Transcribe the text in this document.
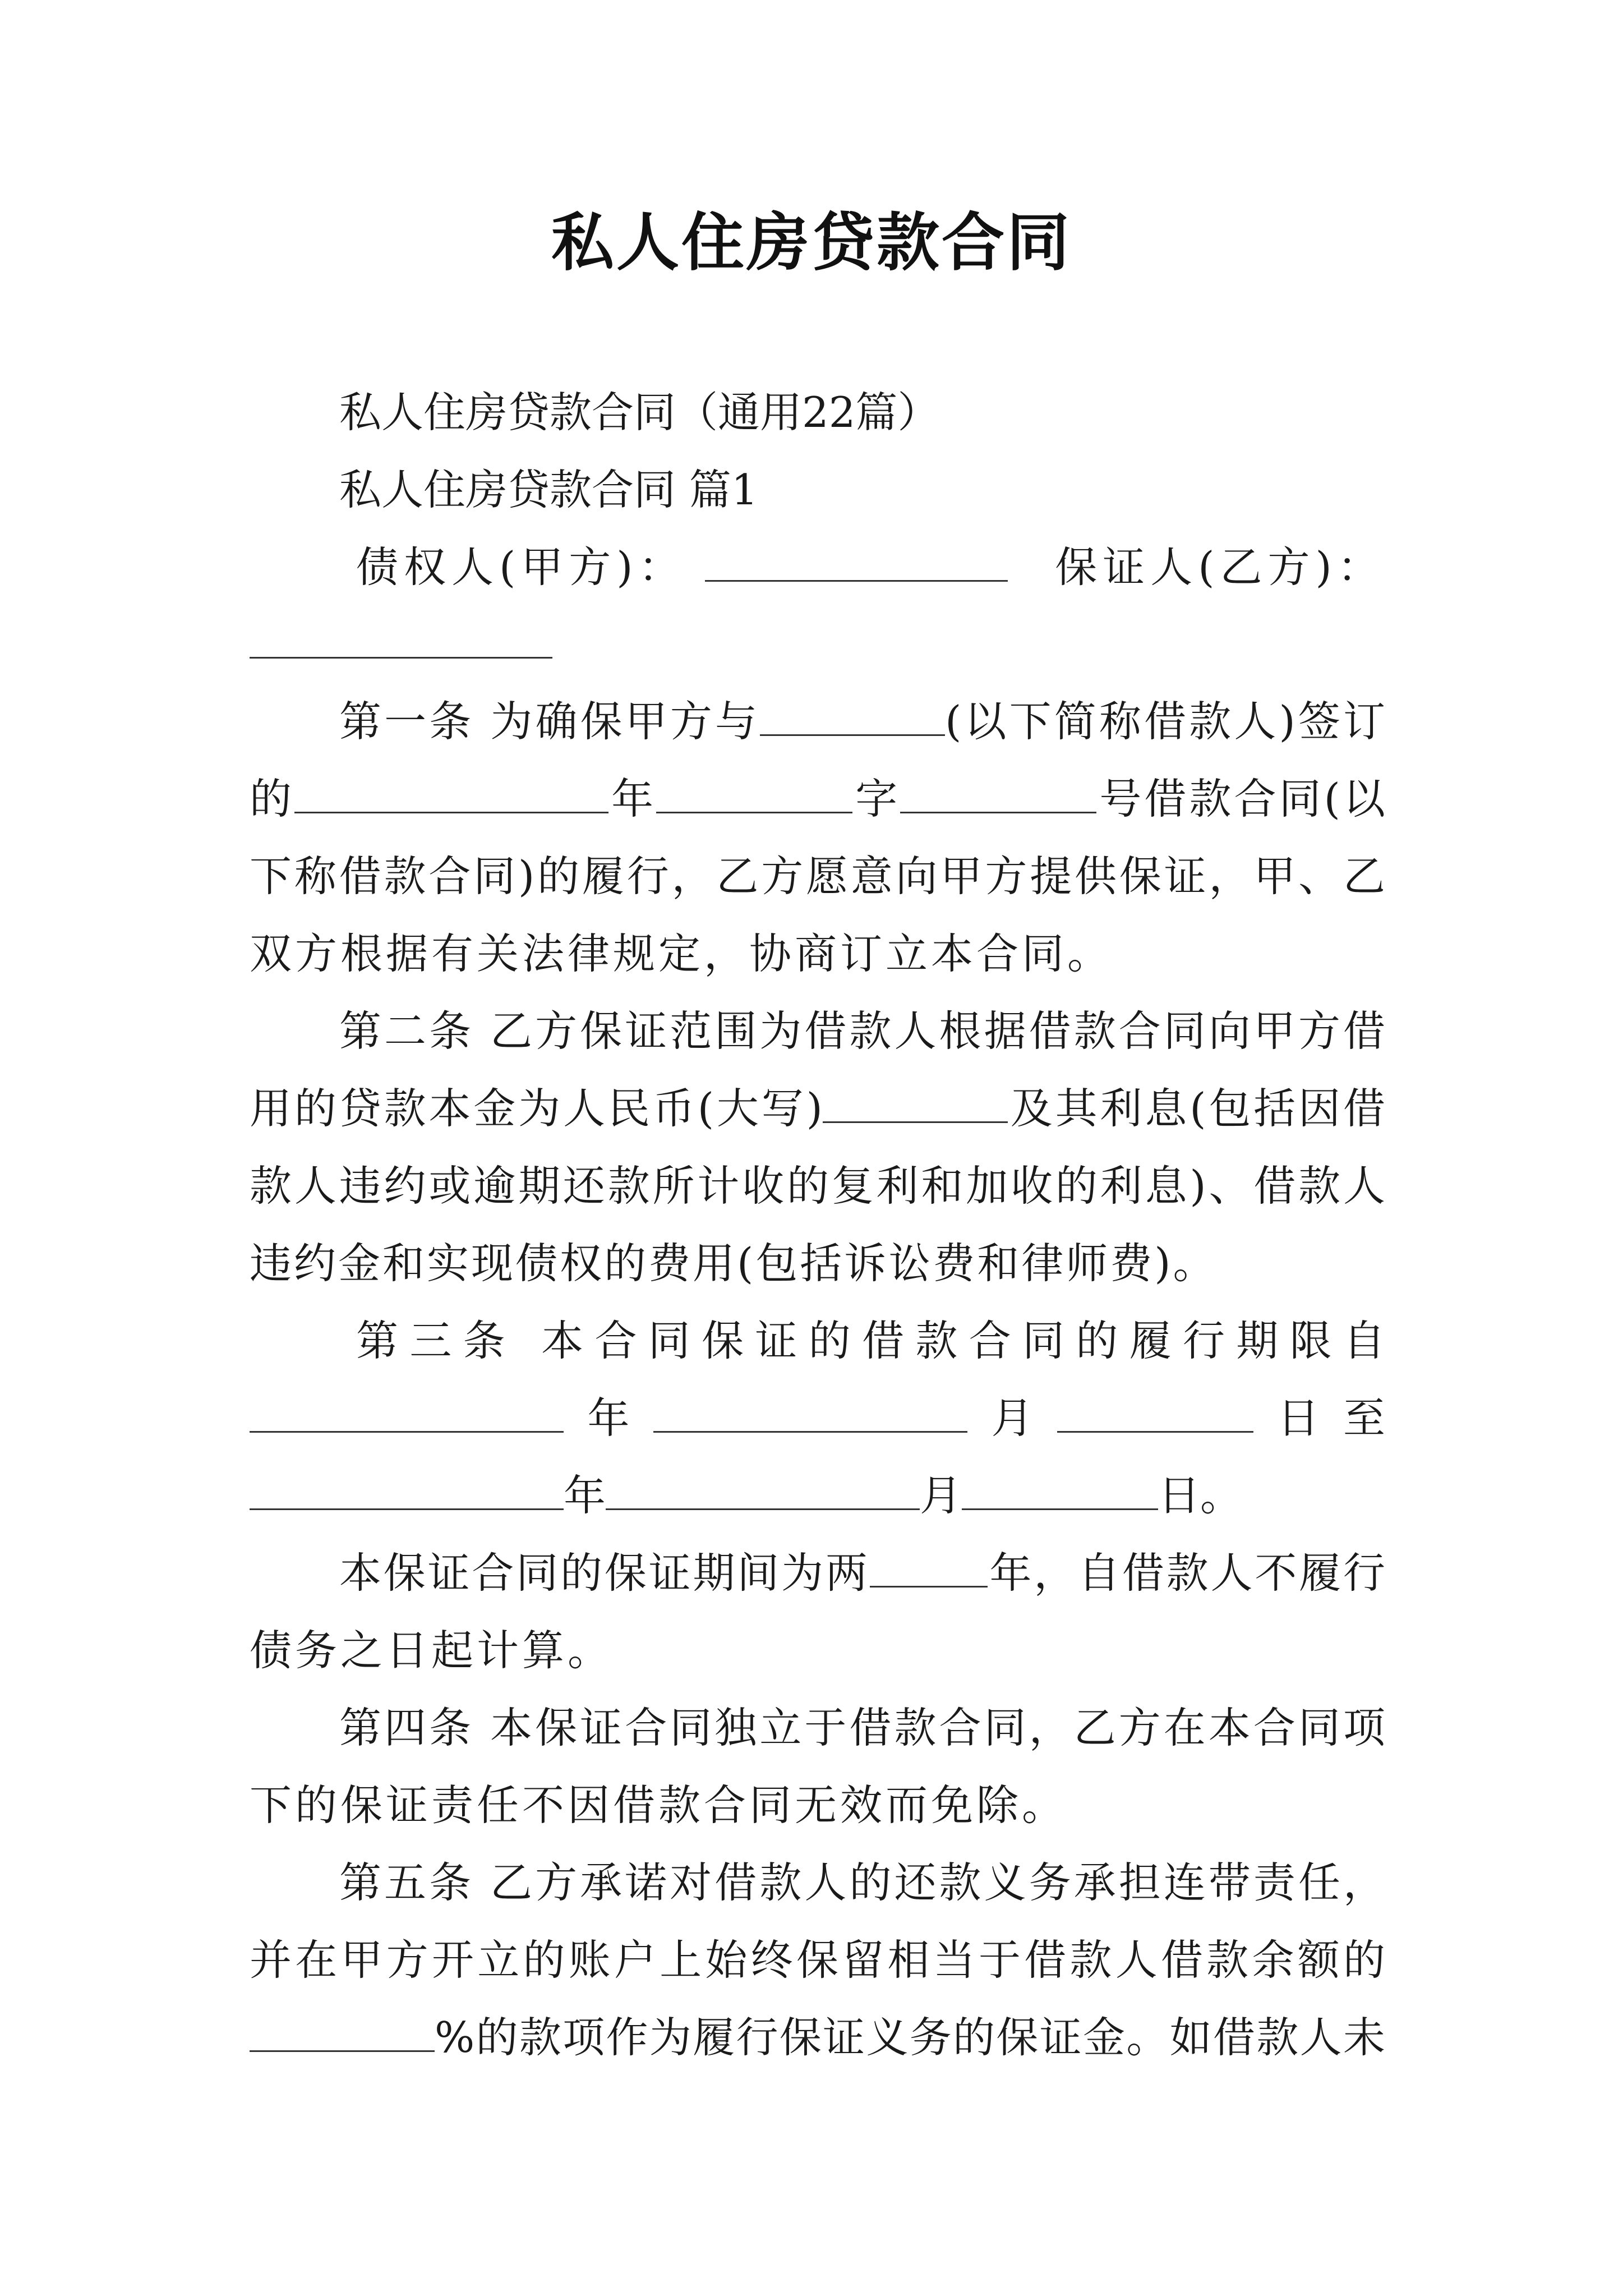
私人住房贷款合同
私人住房贷款合同（通用22篇）
私人住房贷款合同 篇1
债权人(甲方)：	保证人(乙方)：
第一条 为确保甲方与	(以下简称借款人)签订
的	年	字	号借款合同(以
下称借款合同)的履行，乙方愿意向甲方提供保证，甲、乙
双方根据有关法律规定，协商订立本合同。
第二条 乙方保证范围为借款人根据借款合同向甲方借
用的贷款本金为人民币(大写)	及其利息(包括因借
款人违约或逾期还款所计收的复利和加收的利息)、借款人
违约金和实现债权的费用(包括诉讼费和律师费)。
第三条 本合同保证的借款合同的履行期限自
年	月	日至
年	月	日。
本保证合同的保证期间为两	年，自借款人不履行
债务之日起计算。
第四条 本保证合同独立于借款合同，乙方在本合同项
下的保证责任不因借款合同无效而免除。
第五条 乙方承诺对借款人的还款义务承担连带责任，
并在甲方开立的账户上始终保留相当于借款人借款余额的
%的款项作为履行保证义务的保证金。如借款人未
